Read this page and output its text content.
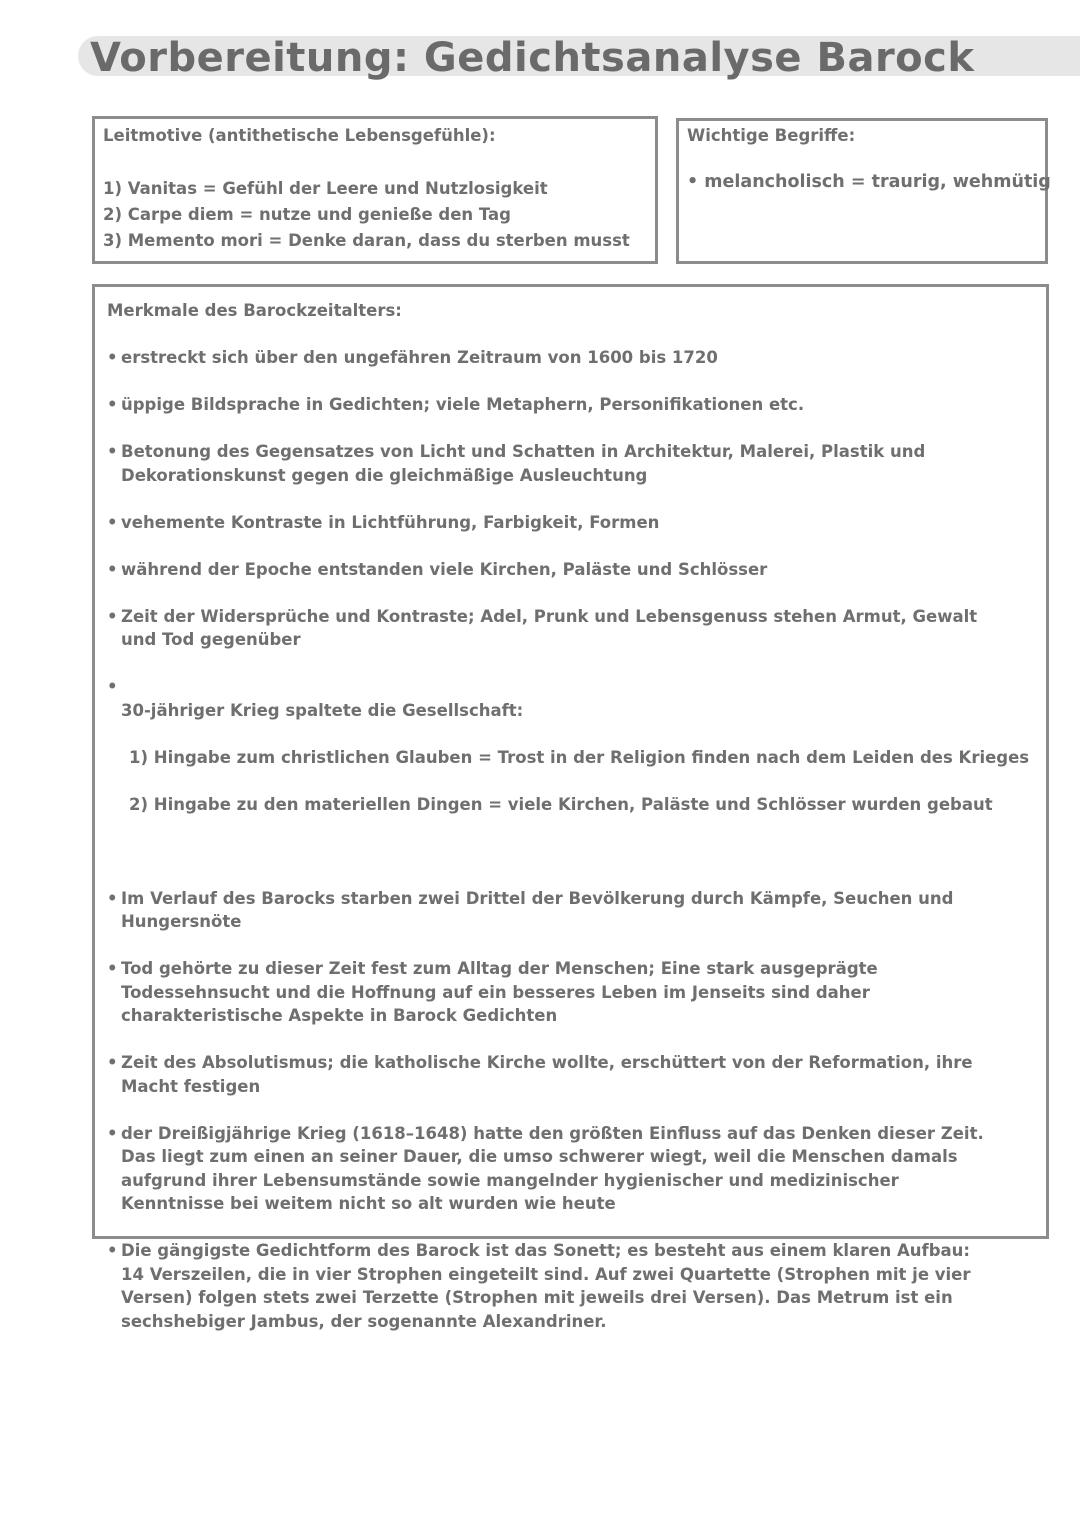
Vorbereitung: Gedichtsanalyse Barock
Leitmotive (antithetische Lebensgefühle):
1) Vanitas = Gefühl der Leere und Nutzlosigkeit
2) Carpe diem = nutze und genieße den Tag
3) Memento mori = Denke daran, dass du sterben musst
Wichtige Begriffe:
• melancholisch = traurig, wehmütig
Merkmale des Barockzeitalters:
• erstreckt sich über den ungefähren Zeitraum von 1600 bis 1720
• üppige Bildsprache in Gedichten; viele Metaphern, Personifikationen etc.
• Betonung des Gegensatzes von Licht und Schatten in Architektur, Malerei, Plastik und
Dekorationskunst gegen die gleichmäßige Ausleuchtung
• vehemente Kontraste in Lichtführung, Farbigkeit, Formen
• während der Epoche entstanden viele Kirchen, Paläste und Schlösser
• Zeit der Widersprüche und Kontraste; Adel, Prunk und Lebensgenuss stehen Armut, Gewalt
und Tod gegenüber

• 30-jähriger Krieg spaltete die Gesellschaft:

1) Hingabe zum christlichen Glauben = Trost in der Religion finden nach dem Leiden des Krieges

2) Hingabe zu den materiellen Dingen = viele Kirchen, Paläste und Schlösser wurden gebaut

• Im Verlauf des Barocks starben zwei Drittel der Bevölkerung durch Kämpfe, Seuchen und
Hungersnöte
• Tod gehörte zu dieser Zeit fest zum Alltag der Menschen; Eine stark ausgeprägte
Todessehnsucht und die Hoffnung auf ein besseres Leben im Jenseits sind daher
charakteristische Aspekte in Barock Gedichten
• Zeit des Absolutismus; die katholische Kirche wollte, erschüttert von der Reformation, ihre
Macht festigen
• der Dreißigjährige Krieg (1618–1648) hatte den größten Einfluss auf das Denken dieser Zeit.
Das liegt zum einen an seiner Dauer, die umso schwerer wiegt, weil die Menschen damals
aufgrund ihrer Lebensumstände sowie mangelnder hygienischer und medizinischer
Kenntnisse bei weitem nicht so alt wurden wie heute
• Die gängigste Gedichtform des Barock ist das Sonett; es besteht aus einem klaren Aufbau:
14 Verszeilen, die in vier Strophen eingeteilt sind. Auf zwei Quartette (Strophen mit je vier
Versen) folgen stets zwei Terzette (Strophen mit jeweils drei Versen). Das Metrum ist ein
sechshebiger Jambus, der sogenannte Alexandriner.
